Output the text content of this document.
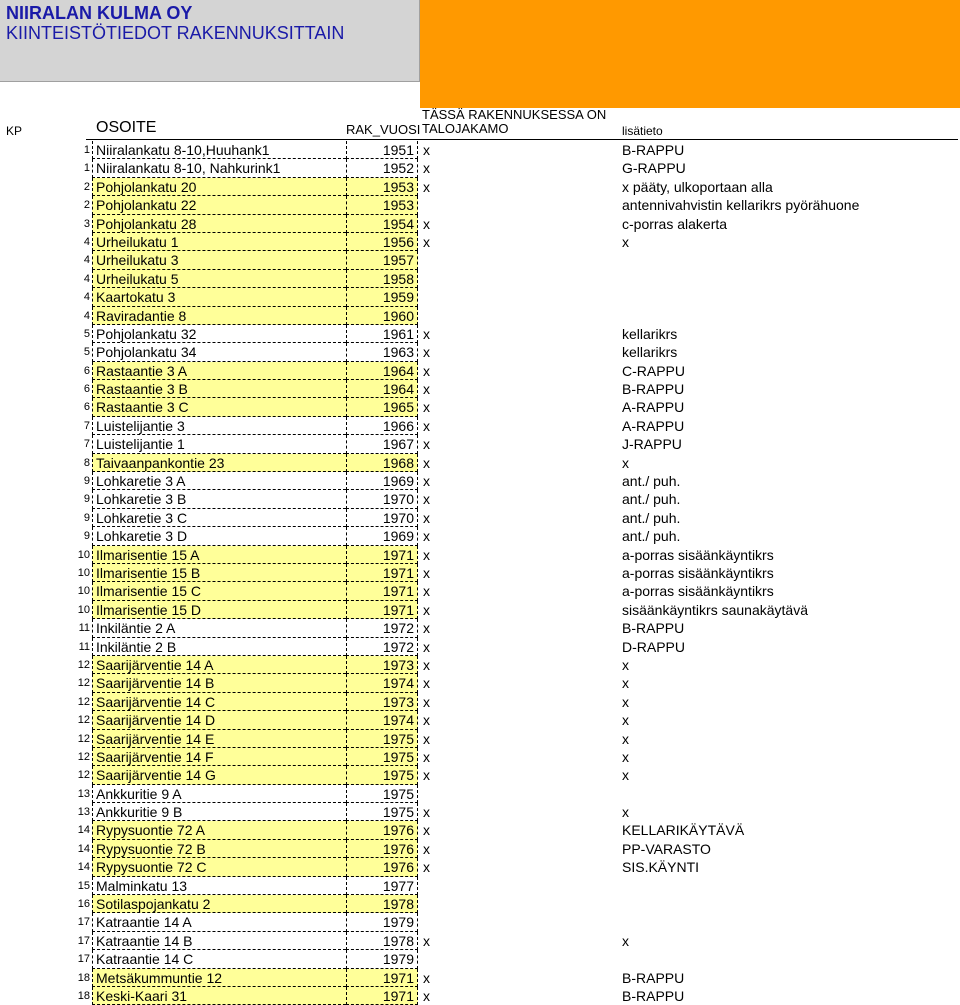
NIIRALAN KULMA OY
KIINTEISTÖTIEDOT RAKENNUKSITTAIN
KP	OSOITE	RAK_VUOSI
TÄSSÄ RAKENNUKSESSA ON
TALOJAKAMO	lisätieto
1 Niiralankatu 8-10,Huuhank1	1951 x	B-RAPPU
1 Niiralankatu 8-10, Nahkurink1	1952 x	G-RAPPU
2 Pohjolankatu 20	1953 x	x pääty, ulkoportaan alla
2 Pohjolankatu 22	1953	antennivahvistin kellarikrs pyörähuone
3 Pohjolankatu 28	1954 x	c-porras alakerta
4 Urheilukatu 1	1956 x	x
4 Urheilukatu 3	1957
4 Urheilukatu 5	1958
4 Kaartokatu 3	1959
4 Raviradantie 8	1960
5 Pohjolankatu 32	1961 x	kellarikrs
5 Pohjolankatu 34	1963 x	kellarikrs
6 Rastaantie 3 A	1964 x	C-RAPPU
6 Rastaantie 3 B	1964 x	B-RAPPU
6 Rastaantie 3 C	1965 x	A-RAPPU
7 Luistelijantie 3	1966 x	A-RAPPU
7 Luistelijantie 1	1967 x	J-RAPPU
8 Taivaanpankontie 23	1968 x	x
9 Lohkaretie 3 A	1969 x	ant./ puh.
9 Lohkaretie 3 B	1970 x	ant./ puh.
9 Lohkaretie 3 C	1970 x	ant./ puh.
9 Lohkaretie 3 D	1969 x	ant./ puh.
10 Ilmarisentie 15 A	1971 x	a-porras sisäänkäyntikrs
10 Ilmarisentie 15 B	1971 x	a-porras sisäänkäyntikrs
10 Ilmarisentie 15 C	1971 x	a-porras sisäänkäyntikrs
10 Ilmarisentie 15 D	1971 x	sisäänkäyntikrs saunakäytävä
11 Inkiläntie 2 A	1972 x	B-RAPPU
11 Inkiläntie 2 B	1972 x	D-RAPPU
12 Saarijärventie 14 A	1973 x	x
12 Saarijärventie 14 B	1974 x	x
12 Saarijärventie 14 C	1973 x	x
12 Saarijärventie 14 D	1974 x	x
12 Saarijärventie 14 E	1975 x	x
12 Saarijärventie 14 F	1975 x	x
12 Saarijärventie 14 G	1975 x	x
13 Ankkuritie 9 A	1975
13 Ankkuritie 9 B	1975 x	x
14 Rypysuontie 72 A	1976 x	KELLARIKÄYTÄVÄ
14 Rypysuontie 72 B	1976 x	PP-VARASTO
14 Rypysuontie 72 C	1976 x	SIS.KÄYNTI
15 Malminkatu 13	1977
16 Sotilaspojankatu 2	1978
17 Katraantie 14 A	1979
17 Katraantie 14 B	1978 x	x
17 Katraantie 14 C	1979
18 Metsäkummuntie 12	1971 x	B-RAPPU
18 Keski-Kaari 31	1971 x	B-RAPPU
